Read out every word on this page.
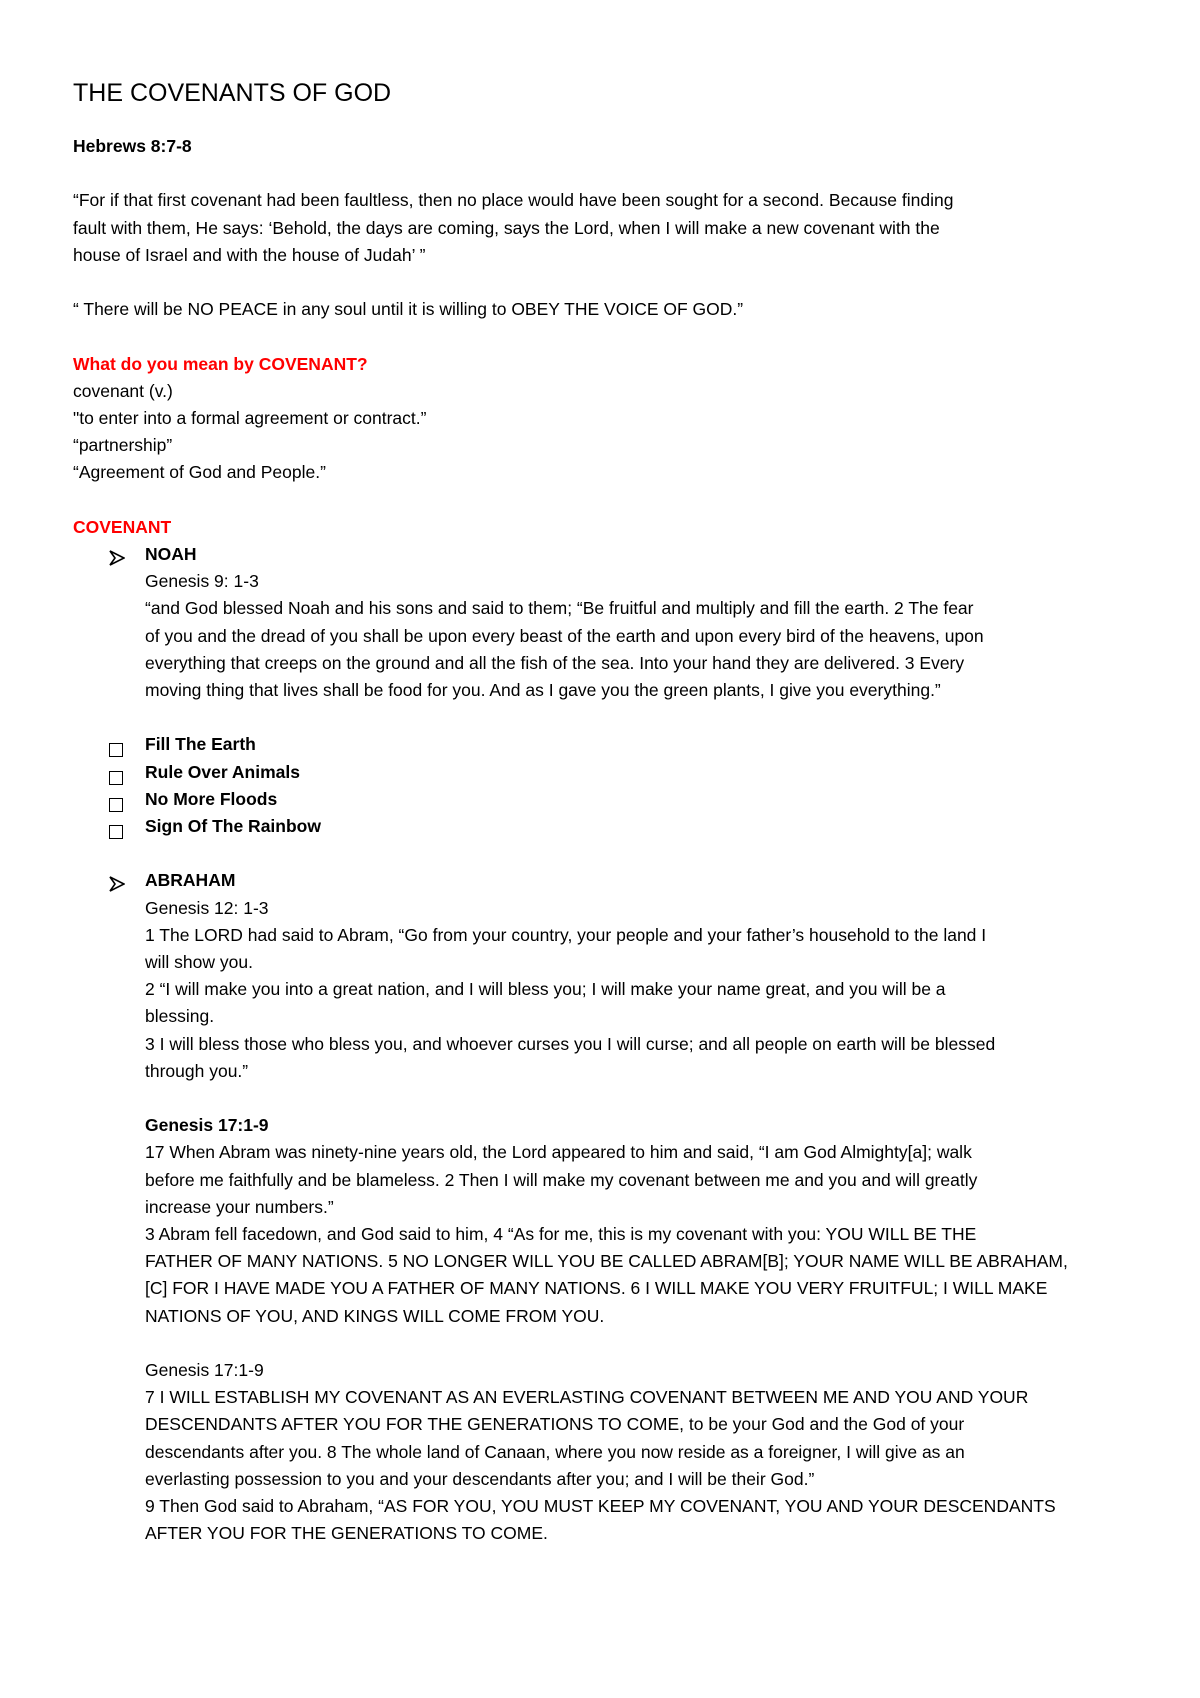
THE COVENANTS OF GOD

Hebrews 8:7-8

“For if that first covenant had been faultless, then no place would have been sought for a second. Because finding

fault with them, He says: ‘Behold, the days are coming, says the Lord, when I will make a new covenant with the

house of Israel and with the house of Judah’ ”

“ There will be NO PEACE in any soul until it is willing to OBEY THE VOICE OF GOD.”

What do you mean by COVENANT?

covenant (v.)

"to enter into a formal agreement or contract.”

“partnership”

“Agreement of God and People.”

COVENANT

NOAH

Genesis 9: 1-3

“and God blessed Noah and his sons and said to them; “Be fruitful and multiply and fill the earth. 2 The fear

of you and the dread of you shall be upon every beast of the earth and upon every bird of the heavens, upon

everything that creeps on the ground and all the fish of the sea. Into your hand they are delivered. 3 Every

moving thing that lives shall be food for you. And as I gave you the green plants, I give you everything.”

Fill The Earth

Rule Over Animals

No More Floods

Sign Of The Rainbow

ABRAHAM

Genesis 12: 1-3

1 The LORD had said to Abram, “Go from your country, your people and your father’s household to the land I

will show you.

2 “I will make you into a great nation, and I will bless you; I will make your name great, and you will be a

blessing.

3 I will bless those who bless you, and whoever curses you I will curse; and all people on earth will be blessed

through you.”

Genesis 17:1-9

17 When Abram was ninety-nine years old, the Lord appeared to him and said, “I am God Almighty[a]; walk

before me faithfully and be blameless. 2 Then I will make my covenant between me and you and will greatly

increase your numbers.”

3 Abram fell facedown, and God said to him, 4 “As for me, this is my covenant with you: YOU WILL BE THE

FATHER OF MANY NATIONS. 5 NO LONGER WILL YOU BE CALLED ABRAM[B]; YOUR NAME WILL BE ABRAHAM,

[C] FOR I HAVE MADE YOU A FATHER OF MANY NATIONS. 6 I WILL MAKE YOU VERY FRUITFUL; I WILL MAKE

NATIONS OF YOU, AND KINGS WILL COME FROM YOU.

Genesis 17:1-9

7 I WILL ESTABLISH MY COVENANT AS AN EVERLASTING COVENANT BETWEEN ME AND YOU AND YOUR

DESCENDANTS AFTER YOU FOR THE GENERATIONS TO COME, to be your God and the God of your

descendants after you. 8 The whole land of Canaan, where you now reside as a foreigner, I will give as an

everlasting possession to you and your descendants after you; and I will be their God.”

9 Then God said to Abraham, “AS FOR YOU, YOU MUST KEEP MY COVENANT, YOU AND YOUR DESCENDANTS

AFTER YOU FOR THE GENERATIONS TO COME.
